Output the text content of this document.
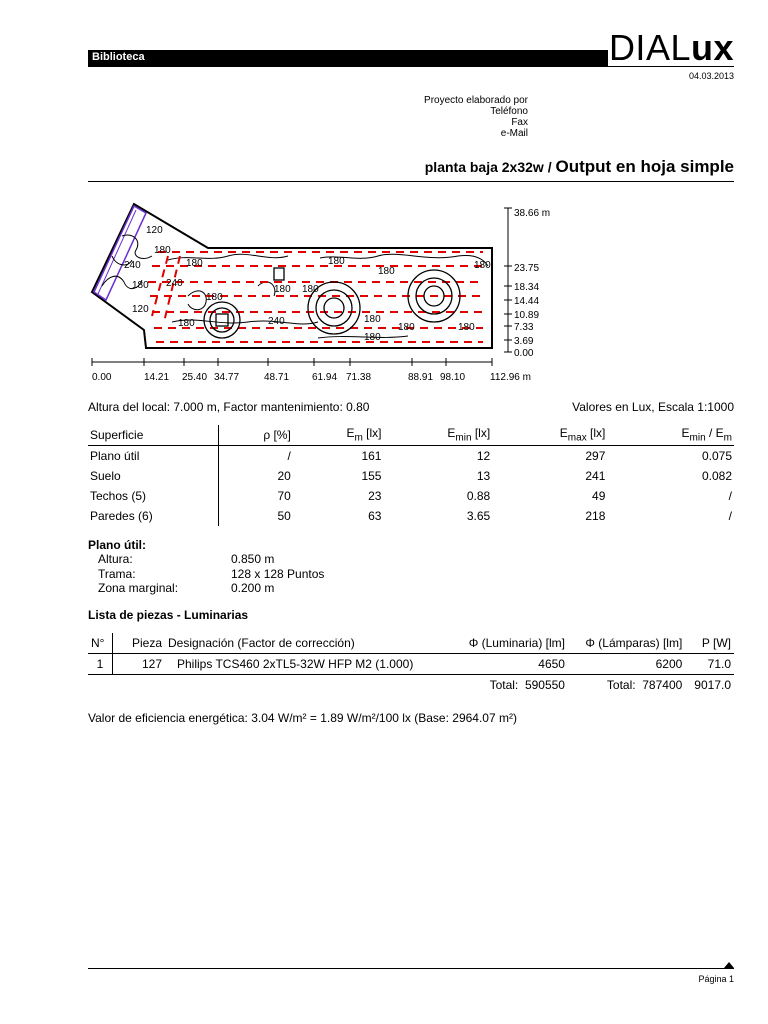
Biblioteca	DIALux
04.03.2013
Proyecto elaborado por
Teléfono
Fax
e-Mail
planta baja 2x32w / Output en hoja simple
120
180
240	180
180
120
180
240
180
180
180
180
180
180	180
240
180
180
180
38.66 m
23.75
18.34
14.44
10.89
7.33
3.69
0.00
0.00	14.21 25.40 34.77 48.71 61.94 71.38	88.91 98.10 112.96 m
Altura del local: 7.000 m, Factor mantenimiento: 0.80	Valores en Lux, Escala 1:1000
Superficie	ρ [%]	$E_m$ [lx]	$E_{min}$ [lx]	$E_{max}$ [lx]	$E_{min} / E_m$
Plano útil	/	161	12	297	0.075
Suelo	20	155	13	241	0.082
Techos (5)	70	23	0.88	49	/
Paredes (6)	50	63	3.65	218	/
Plano útil:
Altura:	0.850 m
Trama:	128 x 128 Puntos
Zona marginal:	0.200 m
Lista de piezas - Luminarias
N°	Pieza	Designación (Factor de corrección)	Φ (Luminaria) [lm]	Φ (Lámparas) [lm]	P [W]
1	127	Philips TCS460 2xTL5-32W HFP M2 (1.000)	4650	6200	71.0
			Total: 590550	Total: 787400	9017.0
Valor de eficiencia energética: 3.04 W/m² = 1.89 W/m²/100 lx (Base: 2964.07 m²)
Página 1
